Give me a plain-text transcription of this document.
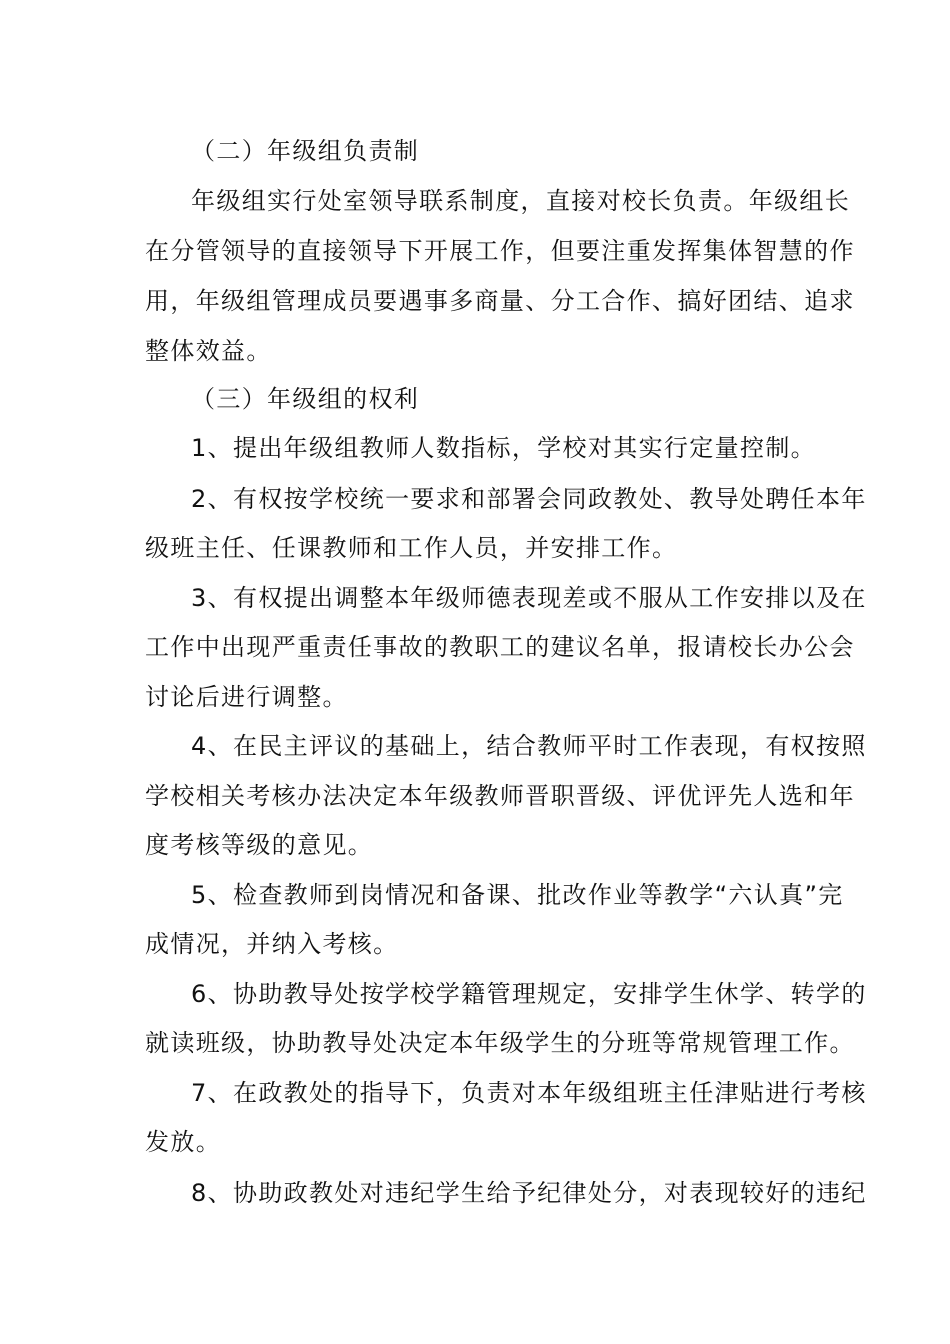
（二）年级组负责制
年级组实行处室领导联系制度，直接对校长负责。年级组长
在分管领导的直接领导下开展工作，但要注重发挥集体智慧的作
用，年级组管理成员要遇事多商量、分工合作、搞好团结、追求
整体效益。
（三）年级组的权利
1、提出年级组教师人数指标，学校对其实行定量控制。
2、有权按学校统一要求和部署会同政教处、教导处聘任本年
级班主任、任课教师和工作人员，并安排工作。
3、有权提出调整本年级师德表现差或不服从工作安排以及在
工作中出现严重责任事故的教职工的建议名单，报请校长办公会
讨论后进行调整。
4、在民主评议的基础上，结合教师平时工作表现，有权按照
学校相关考核办法决定本年级教师晋职晋级、评优评先人选和年
度考核等级的意见。
5、检查教师到岗情况和备课、批改作业等教学“六认真”完
成情况，并纳入考核。
6、协助教导处按学校学籍管理规定，安排学生休学、转学的
就读班级，协助教导处决定本年级学生的分班等常规管理工作。
7、在政教处的指导下，负责对本年级组班主任津贴进行考核
发放。
8、协助政教处对违纪学生给予纪律处分，对表现较好的违纪
